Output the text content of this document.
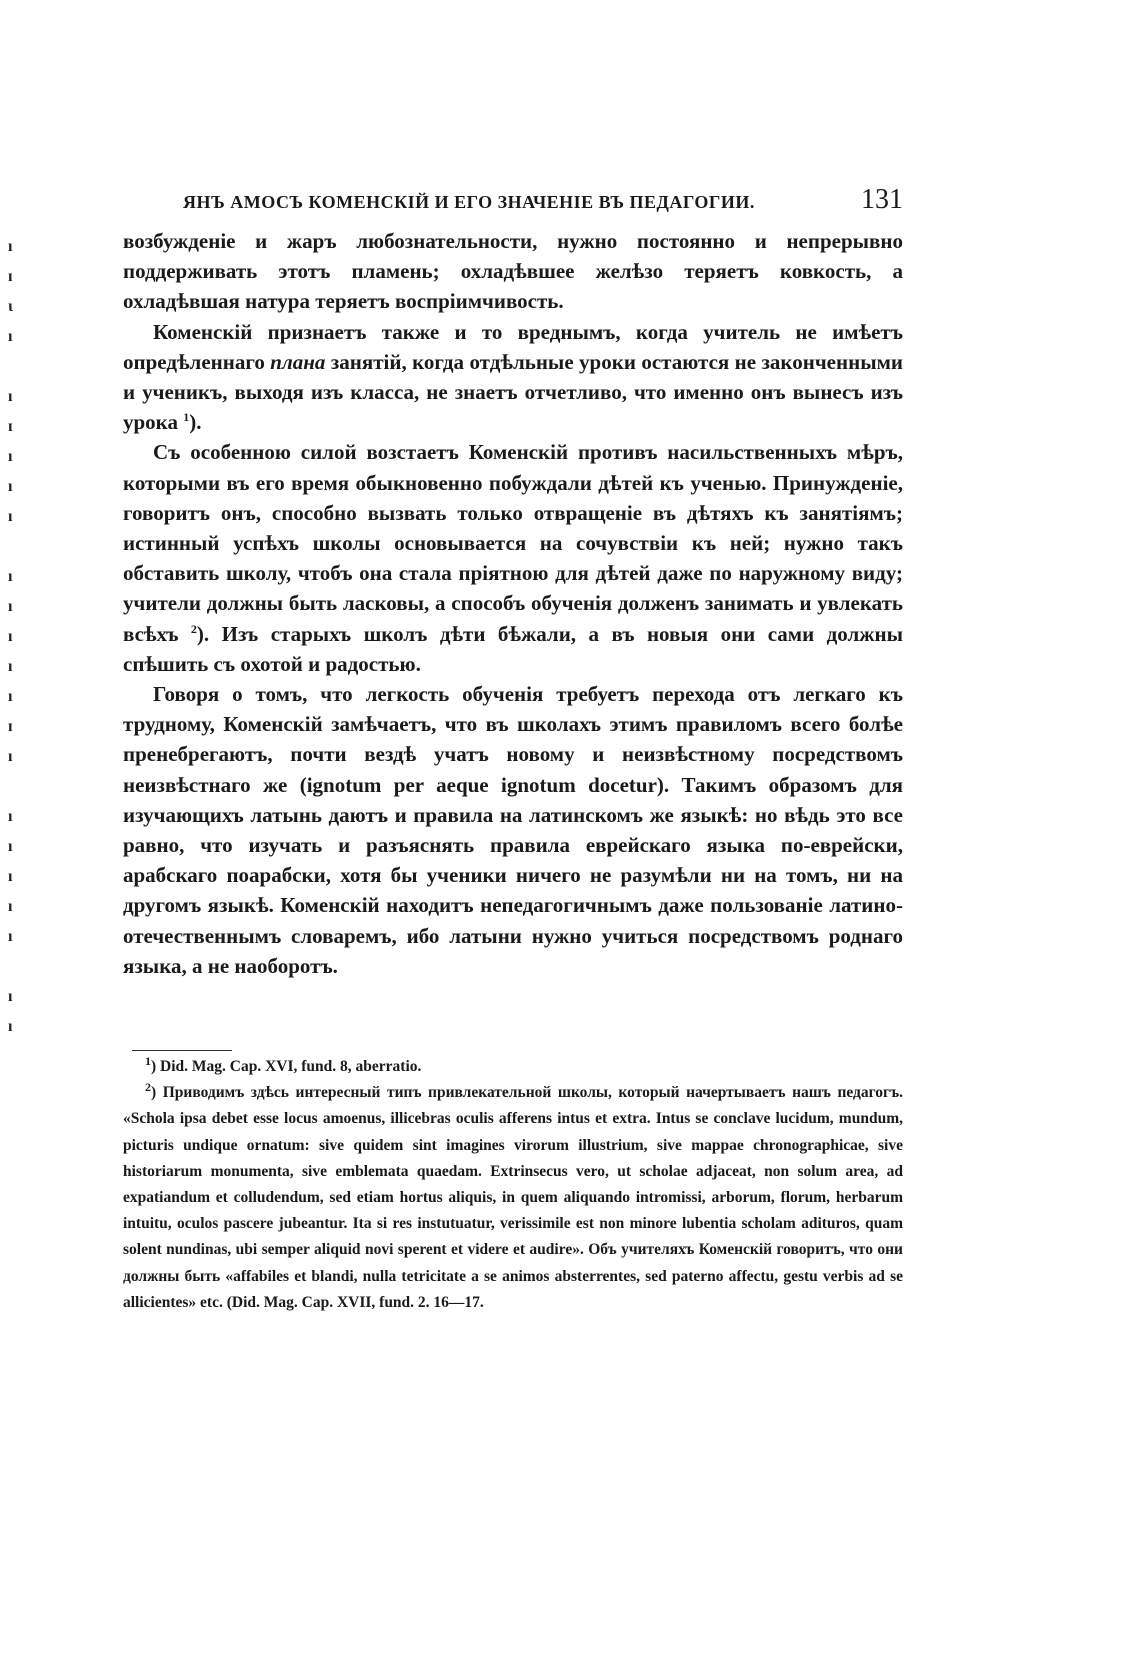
ЯНЪ АМОСЪ КОМЕНСКІЙ И ЕГО ЗНАЧЕНІЕ ВЪ ПЕДАГОГИИ.	131
ı
ɪ
ɩ
ı
ı
ɪ
ı
ı
ı
ı
ı
ı
ı
ı
ɪ
ı
ı
ı
ı
ı
ı
ı
ı

возбужденіе и жаръ любознательности, нужно постоянно и непрерывно поддерживать этотъ пламень; охладѣвшее желѣзо теряетъ ковкость, а охладѣвшая натура теряетъ воспріимчивость.

Коменскій признаетъ также и то вреднымъ, когда учитель не имѣетъ опредѣленнаго плана занятій, когда отдѣльные уроки остаются не законченными и ученикъ, выходя изъ класса, не знаетъ отчетливо, что именно онъ вынесъ изъ урока $^1$).

Съ особенною силой возстаетъ Коменскій противъ насильственныхъ мѣръ, которыми въ его время обыкновенно побуждали дѣтей къ ученью. Принужденіе, говоритъ онъ, способно вызвать только отвращеніе въ дѣтяхъ къ занятіямъ; истинный успѣхъ школы основывается на сочувствіи къ ней; нужно такъ обставить школу, чтобъ она стала пріятною для дѣтей даже по наружному виду; учители должны быть ласковы, а способъ обученія долженъ занимать и увлекать всѣхъ $^2$). Изъ старыхъ школъ дѣти бѣжали, а въ новыя они сами должны спѣшить съ охотой и радостью.

Говоря о томъ, что легкость обученія требуетъ перехода отъ легкаго къ трудному, Коменскій замѣчаетъ, что въ школахъ этимъ правиломъ всего болѣе пренебрегаютъ, почти вездѣ учатъ новому и неизвѣстному посредствомъ неизвѣстнаго же (ignotum per aeque ignotum docetur). Такимъ образомъ для изучающихъ латынь даютъ и правила на латинскомъ же языкѣ: но вѣдь это все равно, что изучать и разъяснять правила еврейскаго языка по-еврейски, арабскаго поарабски, хотя бы ученики ничего не разумѣли ни на томъ, ни на другомъ языкѣ. Коменскій находитъ непедагогичнымъ даже пользованіе латино-отечественнымъ словаремъ, ибо латыни нужно учиться посредствомъ роднаго языка, а не наоборотъ.

$^1$) Did. Mag. Cap. XVI, fund. 8, aberratio.

$^2$) Приводимъ здѣсь интересный типъ привлекательной школы, который начертываетъ нашъ педагогъ. «Schola ipsa debet esse locus amoenus, illicebras oculis afferens intus et extra. Intus se conclave lucidum, mundum, picturis undique ornatum: sive quidem sint imagines virorum illustrium, sive mappae chronographicae, sive historiarum monumenta, sive emblemata quaedam. Extrinsecus vero, ut scholae adjaceat, non solum area, ad expatiandum et colludendum, sed etiam hortus aliquis, in quem aliquando intromissi, arborum, florum, herbarum intuitu, oculos pascere jubeantur. Ita si res instutuatur, verissimile est non minore lubentia scholam adituros, quam solent nundinas, ubi semper aliquid novi sperent et videre et audire». Объ учителяхъ Коменскій говоритъ, что они должны быть «affabiles et blandi, nulla tetricitate a se animos absterrentes, sed paterno affectu, gestu verbis ad se allicientes» etc. (Did. Mag. Cap. XVII, fund. 2. 16—17.
